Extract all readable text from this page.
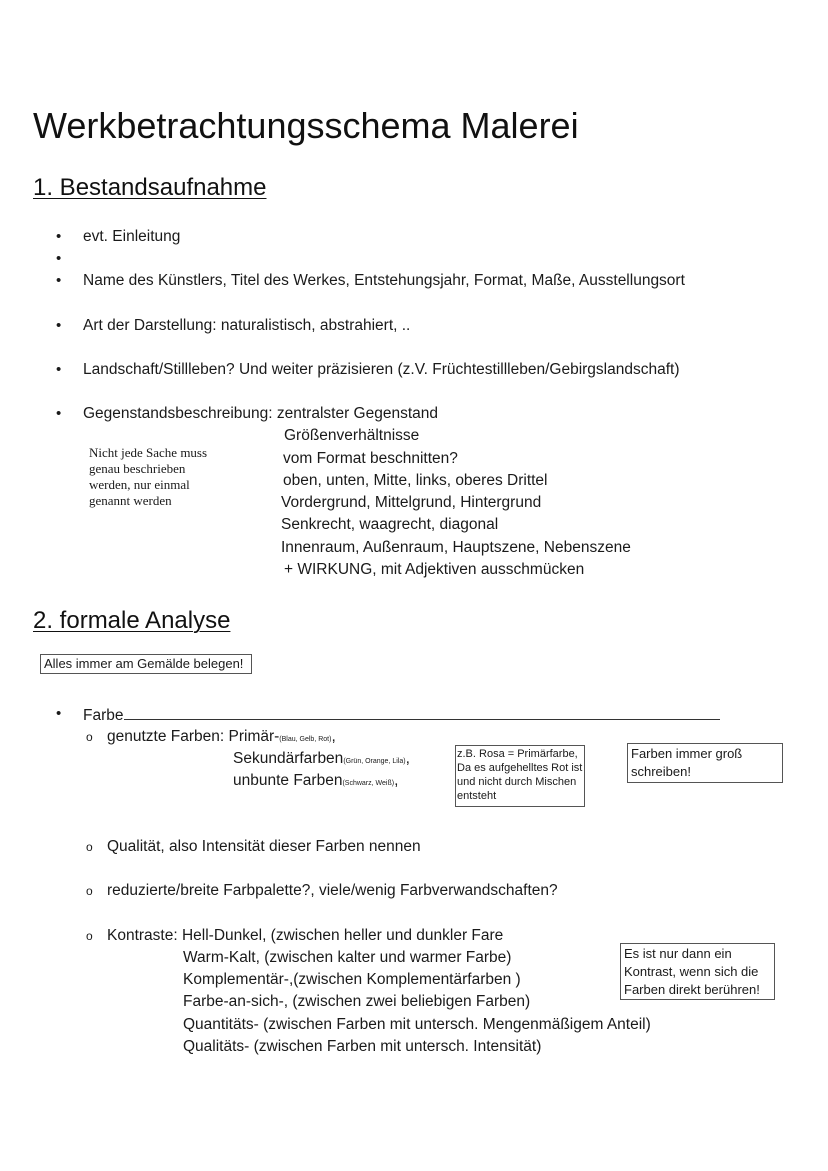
Werkbetrachtungsschema Malerei
1. Bestandsaufnahme
• evt. Einleitung
•
• Name des Künstlers, Titel des Werkes, Entstehungsjahr, Format, Maße, Ausstellungsort
• Art der Darstellung: naturalistisch, abstrahiert, ..
• Landschaft/Stillleben? Und weiter präzisieren (z.V. Früchtestillleben/Gebirgslandschaft)
• Gegenstandsbeschreibung: zentralster Gegenstand
Größenverhältnisse
vom Format beschnitten?
oben, unten, Mitte, links, oberes Drittel
Vordergrund, Mittelgrund, Hintergrund
Senkrecht, waagrecht, diagonal
Innenraum, Außenraum, Hauptszene, Nebenszene
+ WIRKUNG, mit Adjektiven ausschmücken
Nicht jede Sache muss
genau beschrieben
werden, nur einmal
genannt werden
2. formale Analyse
Alles immer am Gemälde belegen!
• Farbe
o genutzte Farben: Primär-(Blau, Gelb, Rot),
Sekundärfarben(Grün, Orange, Lila),
unbunte Farben(Schwarz, Weiß),
z.B. Rosa = Primärfarbe, Da es aufgehelltes Rot ist und nicht durch Mischen entsteht
Farben immer groß schreiben!
o Qualität, also Intensität dieser Farben nennen
o reduzierte/breite Farbpalette?, viele/wenig Farbverwandschaften?
o Kontraste: Hell-Dunkel, (zwischen heller und dunkler Fare
Warm-Kalt, (zwischen kalter und warmer Farbe)
Komplementär-,(zwischen Komplementärfarben )
Farbe-an-sich-, (zwischen zwei beliebigen Farben)
Quantitäts- (zwischen Farben mit untersch. Mengenmäßigem Anteil)
Qualitäts- (zwischen Farben mit untersch. Intensität)
Es ist nur dann ein Kontrast, wenn sich die Farben direkt berühren!
